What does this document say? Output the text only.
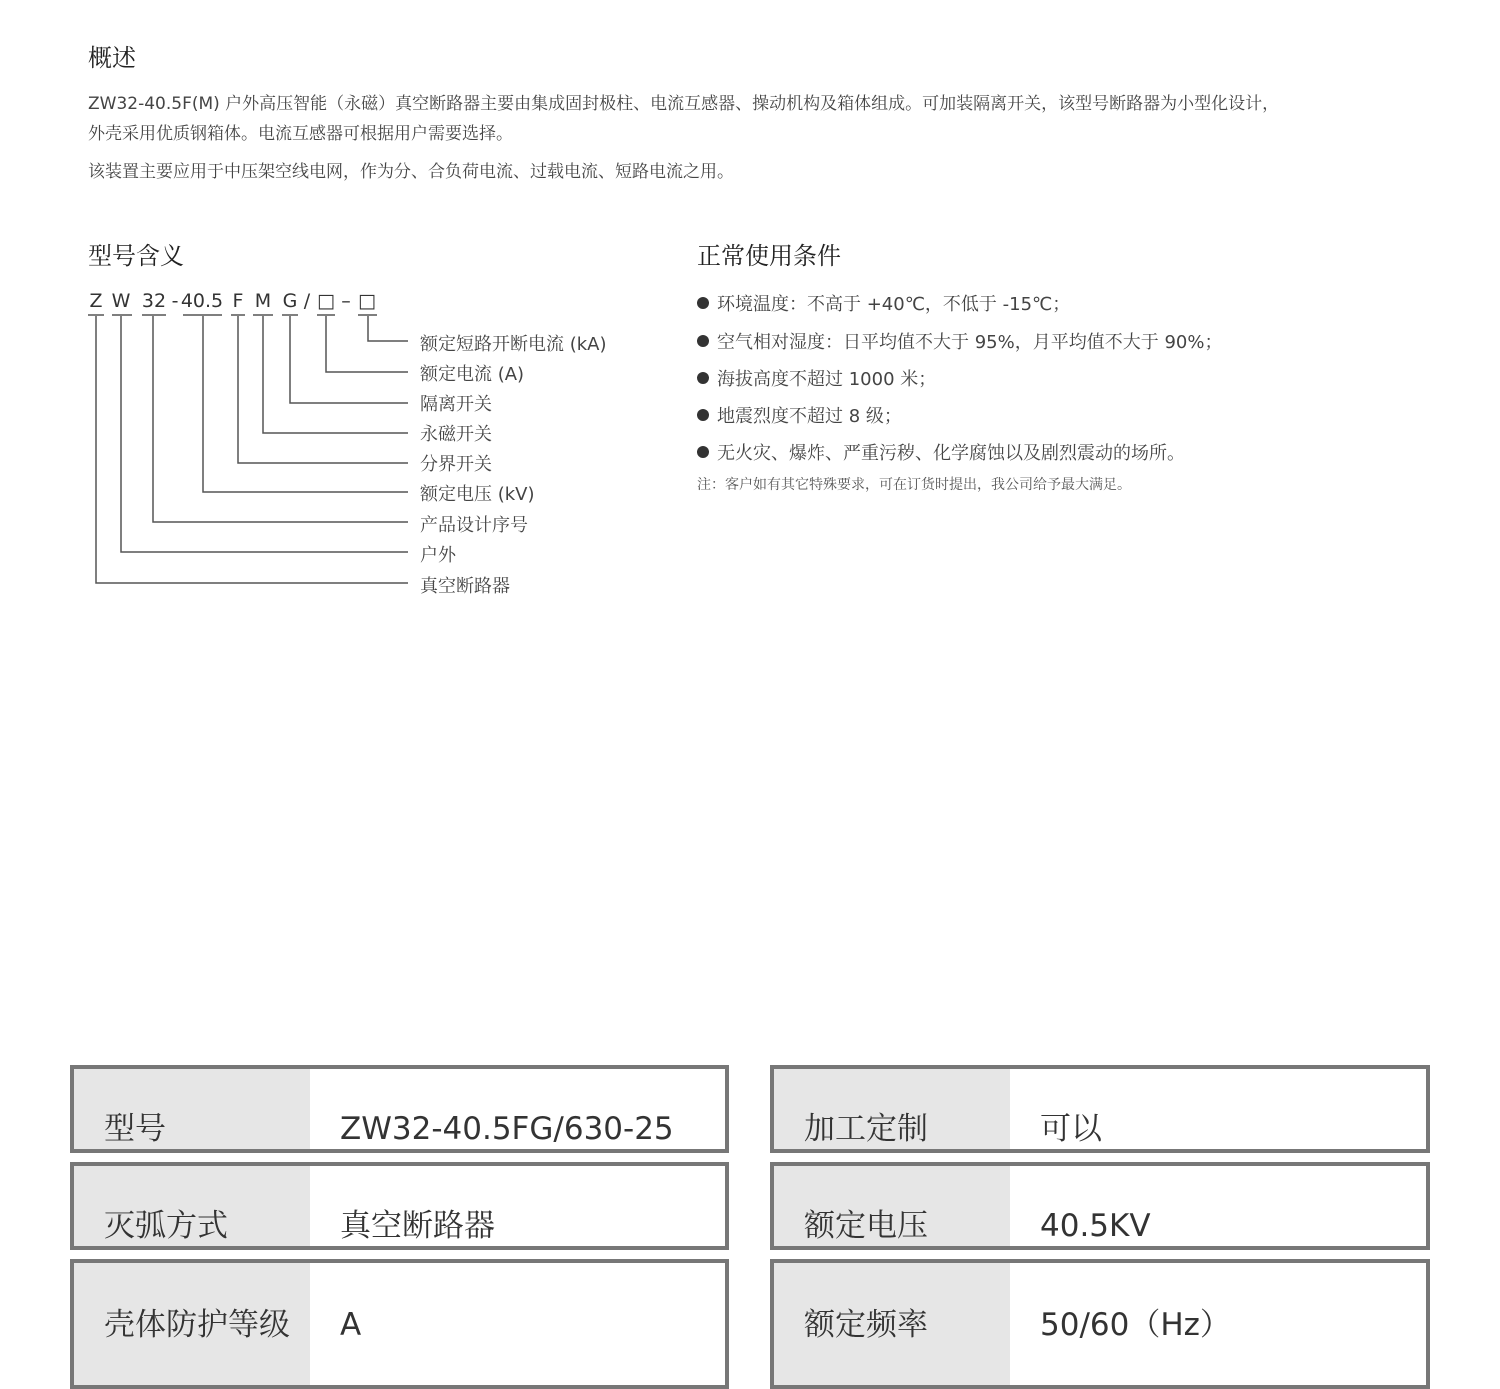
概述
ZW32-40.5F(M) 户外高压智能（永磁）真空断路器主要由集成固封极柱、电流互感器、操动机构及箱体组成。可加装隔离开关，该型号断路器为小型化设计，
外壳采用优质钢箱体。电流互感器可根据用户需要选择。
该装置主要应用于中压架空线电网，作为分、合负荷电流、过载电流、短路电流之用。
型号含义
Z W 32 - 40.5 F M G / □ – □
额定短路开断电流 (kA)
额定电流 (A)
隔离开关
永磁开关
分界开关
额定电压 (kV)
产品设计序号
户外
真空断路器
正常使用条件
环境温度：不高于 +40℃，不低于 -15℃；
空气相对湿度：日平均值不大于 95%，月平均值不大于 90%；
海拔高度不超过 1000 米；
地震烈度不超过 8 级；
无火灾、爆炸、严重污秽、化学腐蚀以及剧烈震动的场所。
注：客户如有其它特殊要求，可在订货时提出，我公司给予最大满足。
型号	ZW32-40.5FG/630-25	加工定制	可以
灭弧方式	真空断路器	额定电压	40.5KV
壳体防护等级	A	额定频率	50/60（Hz）
